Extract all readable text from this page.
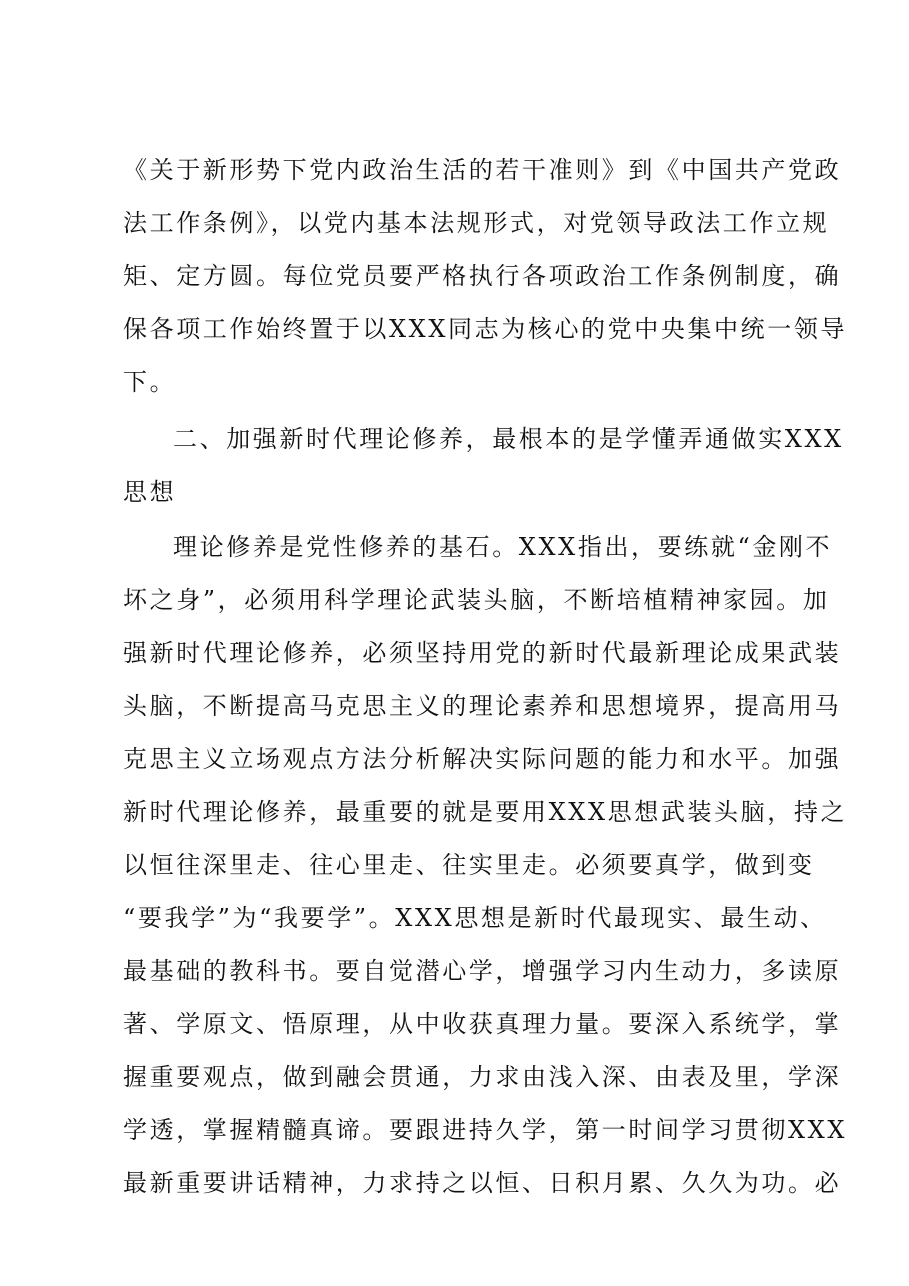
《关于新形势下党内政治生活的若干准则》到《中国共产党政
法工作条例》，以党内基本法规形式，对党领导政法工作立规
矩、定方圆。每位党员要严格执行各项政治工作条例制度，确
保各项工作始终置于以XXX同志为核心的党中央集中统一领导
下。
二、加强新时代理论修养，最根本的是学懂弄通做实XXX
思想
理论修养是党性修养的基石。XXX指出，要练就“金刚不
坏之身”，必须用科学理论武装头脑，不断培植精神家园。加
强新时代理论修养，必须坚持用党的新时代最新理论成果武装
头脑，不断提高马克思主义的理论素养和思想境界，提高用马
克思主义立场观点方法分析解决实际问题的能力和水平。加强
新时代理论修养，最重要的就是要用XXX思想武装头脑，持之
以恒往深里走、往心里走、往实里走。必须要真学，做到变
“要我学”为“我要学”。XXX思想是新时代最现实、最生动、
最基础的教科书。要自觉潜心学，增强学习内生动力，多读原
著、学原文、悟原理，从中收获真理力量。要深入系统学，掌
握重要观点，做到融会贯通，力求由浅入深、由表及里，学深
学透，掌握精髓真谛。要跟进持久学，第一时间学习贯彻XXX
最新重要讲话精神，力求持之以恒、日积月累、久久为功。必
